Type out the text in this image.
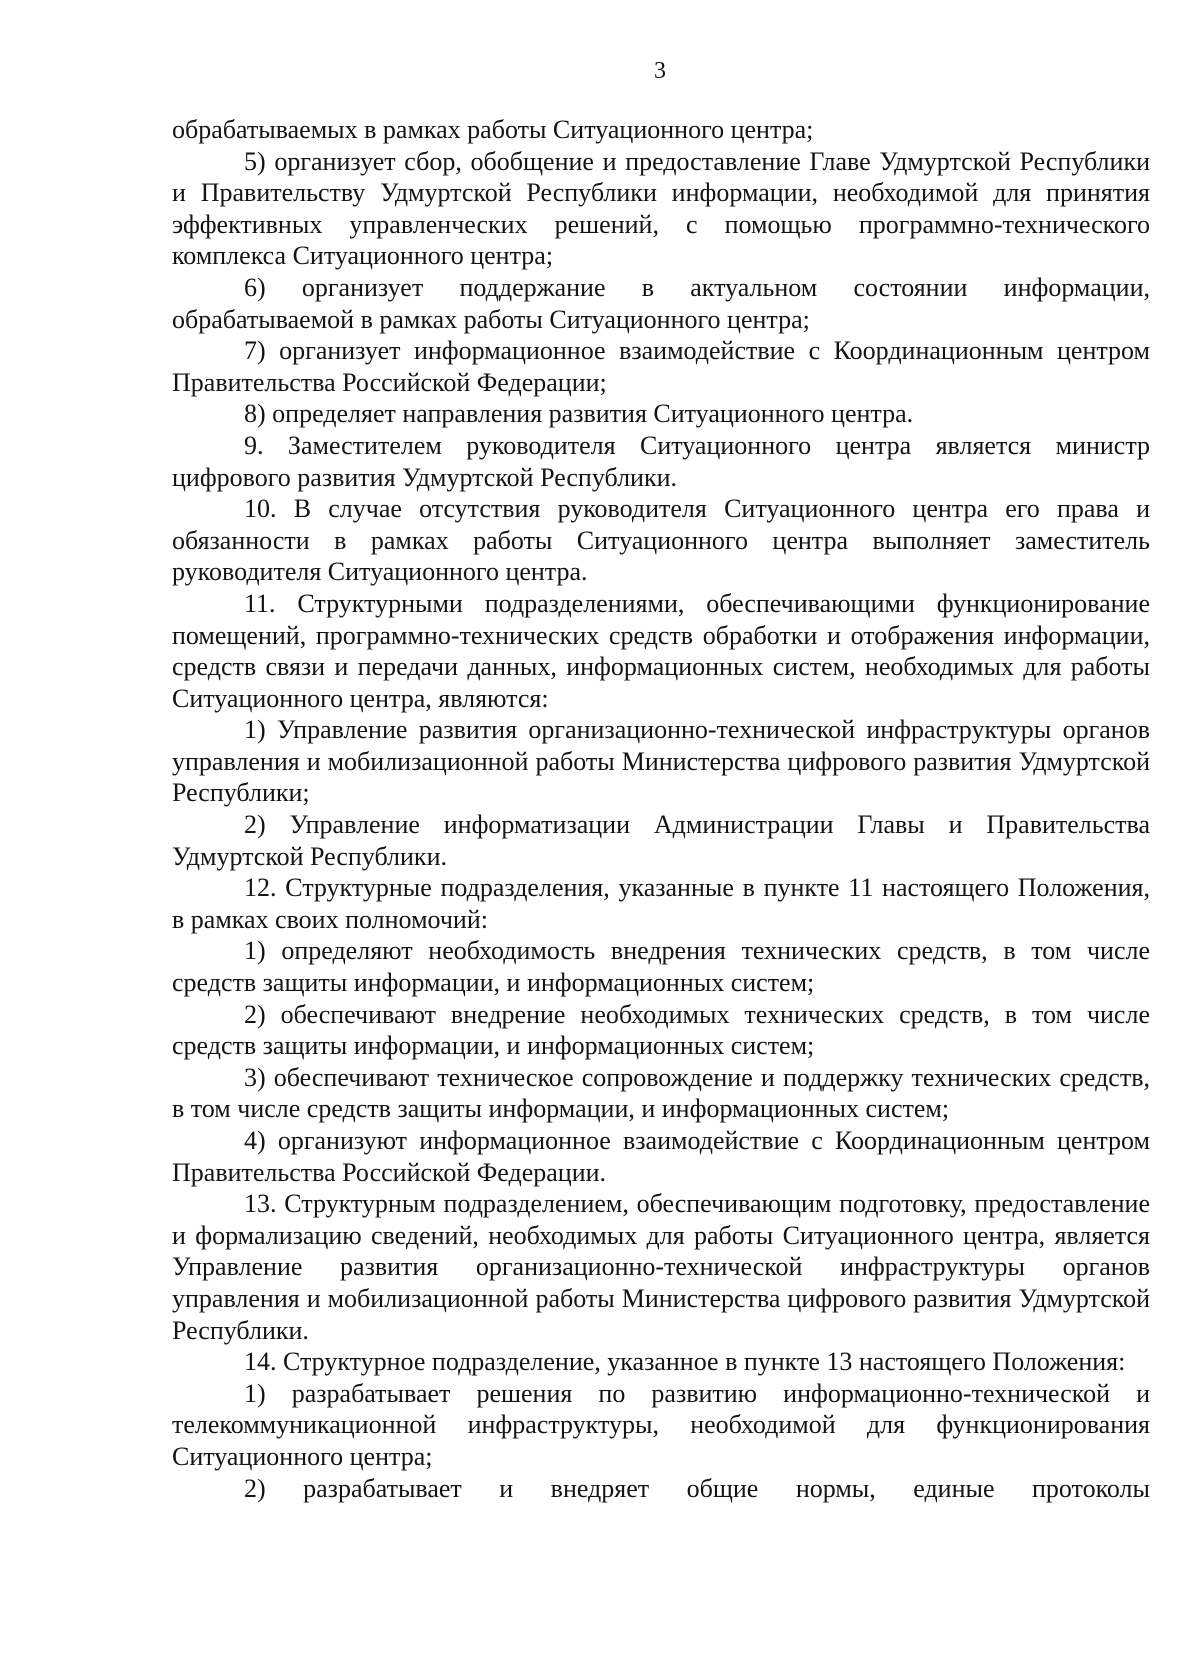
3

обрабатываемых в рамках работы Ситуационного центра;

5) организует сбор, обобщение и предоставление Главе Удмуртской Республики и Правительству Удмуртской Республики информации, необходимой для принятия эффективных управленческих решений, с помощью программно-технического комплекса Ситуационного центра;

6) организует поддержание в актуальном состоянии информации, обрабатываемой в рамках работы Ситуационного центра;

7) организует информационное взаимодействие с Координационным центром Правительства Российской Федерации;

8) определяет направления развития Ситуационного центра.

9. Заместителем руководителя Ситуационного центра является министр цифрового развития Удмуртской Республики.

10. В случае отсутствия руководителя Ситуационного центра его права и обязанности в рамках работы Ситуационного центра выполняет заместитель руководителя Ситуационного центра.

11. Структурными подразделениями, обеспечивающими функционирование помещений, программно-технических средств обработки и отображения информации, средств связи и передачи данных, информационных систем, необходимых для работы Ситуационного центра, являются:

1) Управление развития организационно-технической инфраструктуры органов управления и мобилизационной работы Министерства цифрового развития Удмуртской Республики;

2) Управление информатизации Администрации Главы и Правительства Удмуртской Республики.

12. Структурные подразделения, указанные в пункте 11 настоящего Положения, в рамках своих полномочий:

1) определяют необходимость внедрения технических средств, в том числе средств защиты информации, и информационных систем;

2) обеспечивают внедрение необходимых технических средств, в том числе средств защиты информации, и информационных систем;

3) обеспечивают техническое сопровождение и поддержку технических средств, в том числе средств защиты информации, и информационных систем;

4) организуют информационное взаимодействие с Координационным центром Правительства Российской Федерации.

13. Структурным подразделением, обеспечивающим подготовку, предоставление и формализацию сведений, необходимых для работы Ситуационного центра, является Управление развития организационно-технической инфраструктуры органов управления и мобилизационной работы Министерства цифрового развития Удмуртской Республики.

14. Структурное подразделение, указанное в пункте 13 настоящего Положения:

1) разрабатывает решения по развитию информационно-технической и телекоммуникационной инфраструктуры, необходимой для функционирования Ситуационного центра;

2) разрабатывает и внедряет общие нормы, единые протоколы
